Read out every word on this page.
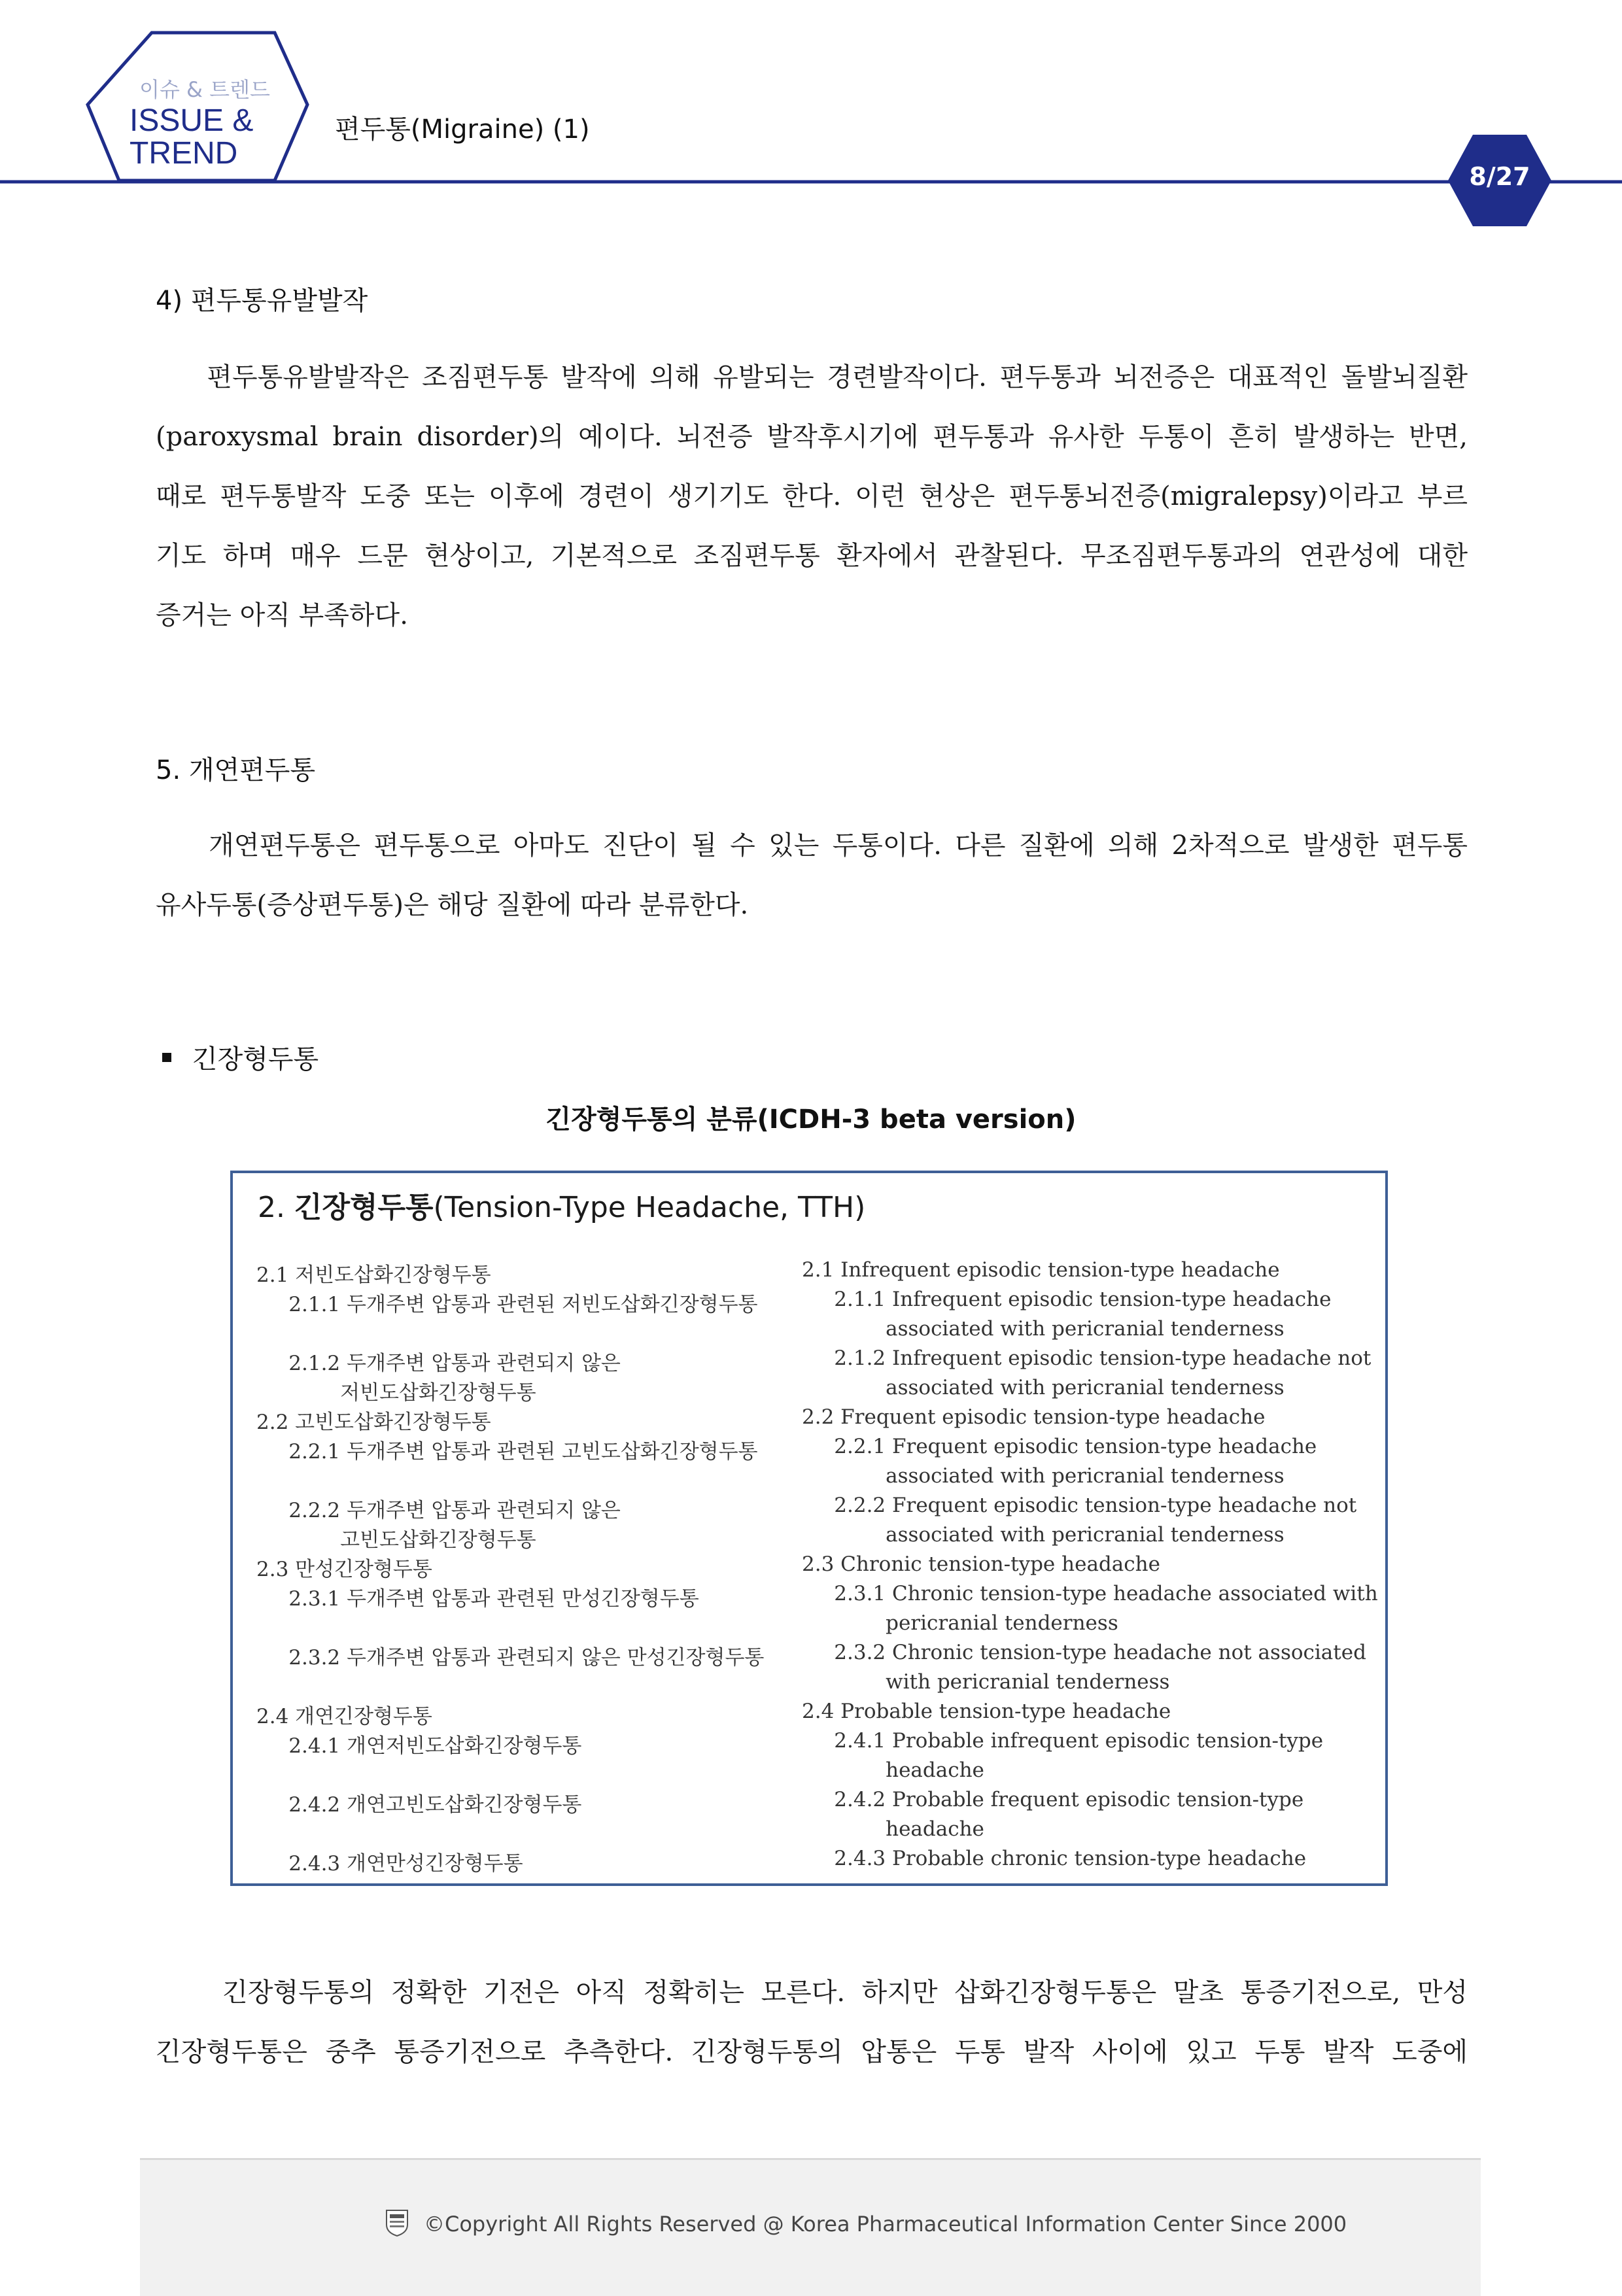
이슈 & 트렌드
ISSUE &
TREND
편두통(Migraine) (1)
8/27
4) 편두통유발발작
편두통유발발작은 조짐편두통 발작에 의해 유발되는 경련발작이다. 편두통과 뇌전증은 대표적인 돌발뇌질환
(paroxysmal brain disorder)의 예이다. 뇌전증 발작후시기에 편두통과 유사한 두통이 흔히 발생하는 반면,
때로 편두통발작 도중 또는 이후에 경련이 생기기도 한다. 이런 현상은 편두통뇌전증(migralepsy)이라고 부르
기도 하며 매우 드문 현상이고, 기본적으로 조짐편두통 환자에서 관찰된다. 무조짐편두통과의 연관성에 대한
증거는 아직 부족하다.
5. 개연편두통
개연편두통은 편두통으로 아마도 진단이 될 수 있는 두통이다. 다른 질환에 의해 2차적으로 발생한 편두통
유사두통(증상편두통)은 해당 질환에 따라 분류한다.
긴장형두통
긴장형두통의 분류(ICDH-3 beta version)
2. 긴장형두통(Tension-Type Headache, TTH)
2.1 저빈도삽화긴장형두통
2.1.1 두개주변 압통과 관련된 저빈도삽화긴장형두통
2.1.2 두개주변 압통과 관련되지 않은
저빈도삽화긴장형두통
2.2 고빈도삽화긴장형두통
2.2.1 두개주변 압통과 관련된 고빈도삽화긴장형두통
2.2.2 두개주변 압통과 관련되지 않은
고빈도삽화긴장형두통
2.3 만성긴장형두통
2.3.1 두개주변 압통과 관련된 만성긴장형두통
2.3.2 두개주변 압통과 관련되지 않은 만성긴장형두통
2.4 개연긴장형두통
2.4.1 개연저빈도삽화긴장형두통
2.4.2 개연고빈도삽화긴장형두통
2.4.3 개연만성긴장형두통
2.1 Infrequent episodic tension-type headache
2.1.1 Infrequent episodic tension-type headache
associated with pericranial tenderness
2.1.2 Infrequent episodic tension-type headache not
associated with pericranial tenderness
2.2 Frequent episodic tension-type headache
2.2.1 Frequent episodic tension-type headache
associated with pericranial tenderness
2.2.2 Frequent episodic tension-type headache not
associated with pericranial tenderness
2.3 Chronic tension-type headache
2.3.1 Chronic tension-type headache associated with
pericranial tenderness
2.3.2 Chronic tension-type headache not associated
with pericranial tenderness
2.4 Probable tension-type headache
2.4.1 Probable infrequent episodic tension-type
headache
2.4.2 Probable frequent episodic tension-type
headache
2.4.3 Probable chronic tension-type headache
긴장형두통의 정확한 기전은 아직 정확히는 모른다. 하지만 삽화긴장형두통은 말초 통증기전으로, 만성
긴장형두통은 중추 통증기전으로 추측한다. 긴장형두통의 압통은 두통 발작 사이에 있고 두통 발작 도중에
©Copyright All Rights Reserved @ Korea Pharmaceutical Information Center Since 2000
